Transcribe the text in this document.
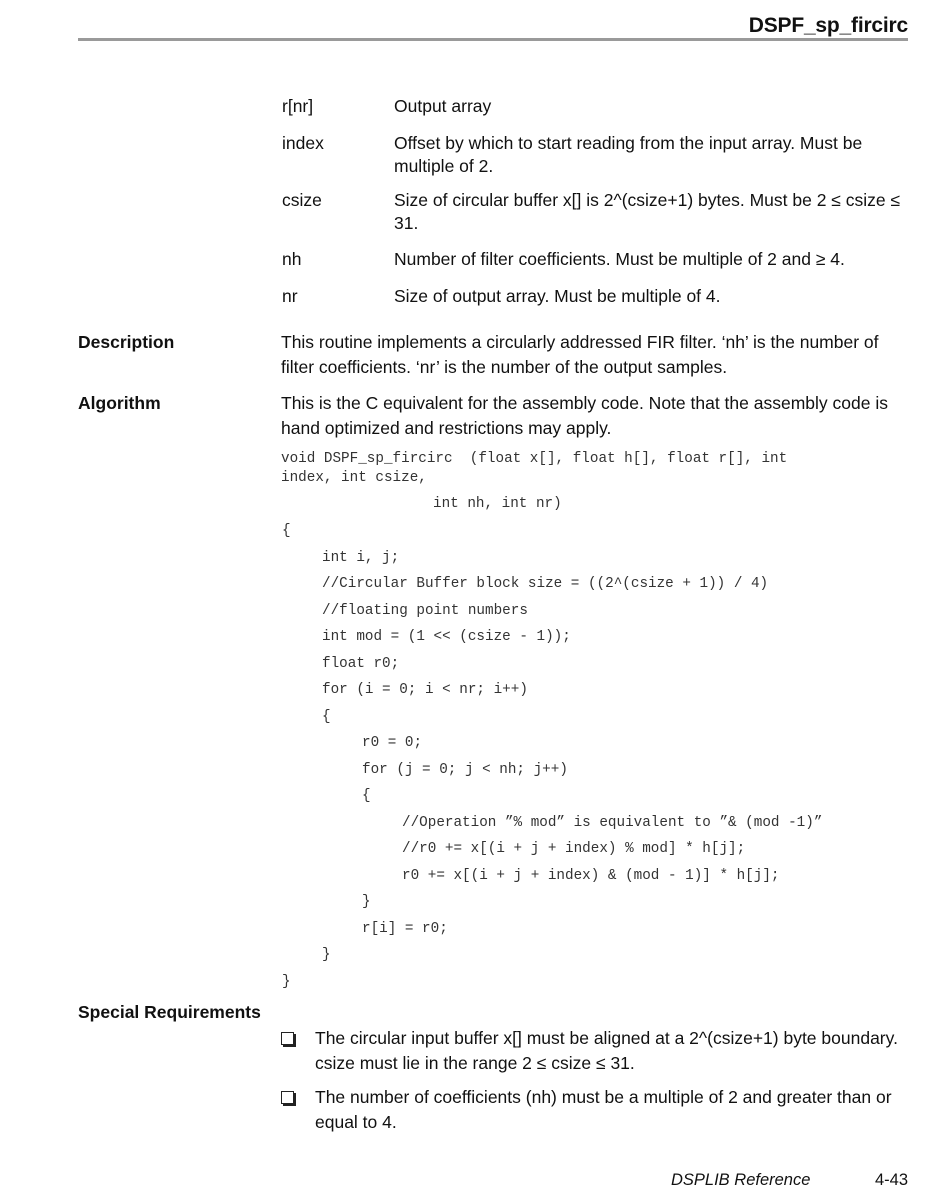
DSPF_sp_fircirc
r[nr]	Output array
index	Offset by which to start reading from the input array. Must be multiple of 2.
csize	Size of circular buffer x[] is 2^(csize+1) bytes. Must be 2 ≤ csize ≤ 31.
nh	Number of filter coefficients. Must be multiple of 2 and ≥ 4.
nr	Size of output array. Must be multiple of 4.
Description	This routine implements a circularly addressed FIR filter. ‘nh’ is the number of filter coefficients. ‘nr’ is the number of the output samples.
Algorithm	This is the C equivalent for the assembly code. Note that the assembly code is hand optimized and restrictions may apply.
void DSPF_sp_fircirc  (float x[], float h[], float r[], int
index, int csize,
int nh, int nr)
{
int i, j;
//Circular Buffer block size = ((2^(csize + 1)) / 4)
//floating point numbers
int mod = (1 << (csize - 1));
float r0;
for (i = 0; i < nr; i++)
{
r0 = 0;
for (j = 0; j < nh; j++)
{
//Operation ”% mod” is equivalent to ”& (mod -1)”
//r0 += x[(i + j + index) % mod] * h[j];
r0 += x[(i + j + index) & (mod - 1)] * h[j];
}
r[i] = r0;
}
}
Special Requirements
The circular input buffer x[] must be aligned at a 2^(csize+1) byte boundary. csize must lie in the range 2 ≤ csize ≤ 31.
The number of coefficients (nh) must be a multiple of 2 and greater than or equal to 4.
DSPLIB Reference	4-43
